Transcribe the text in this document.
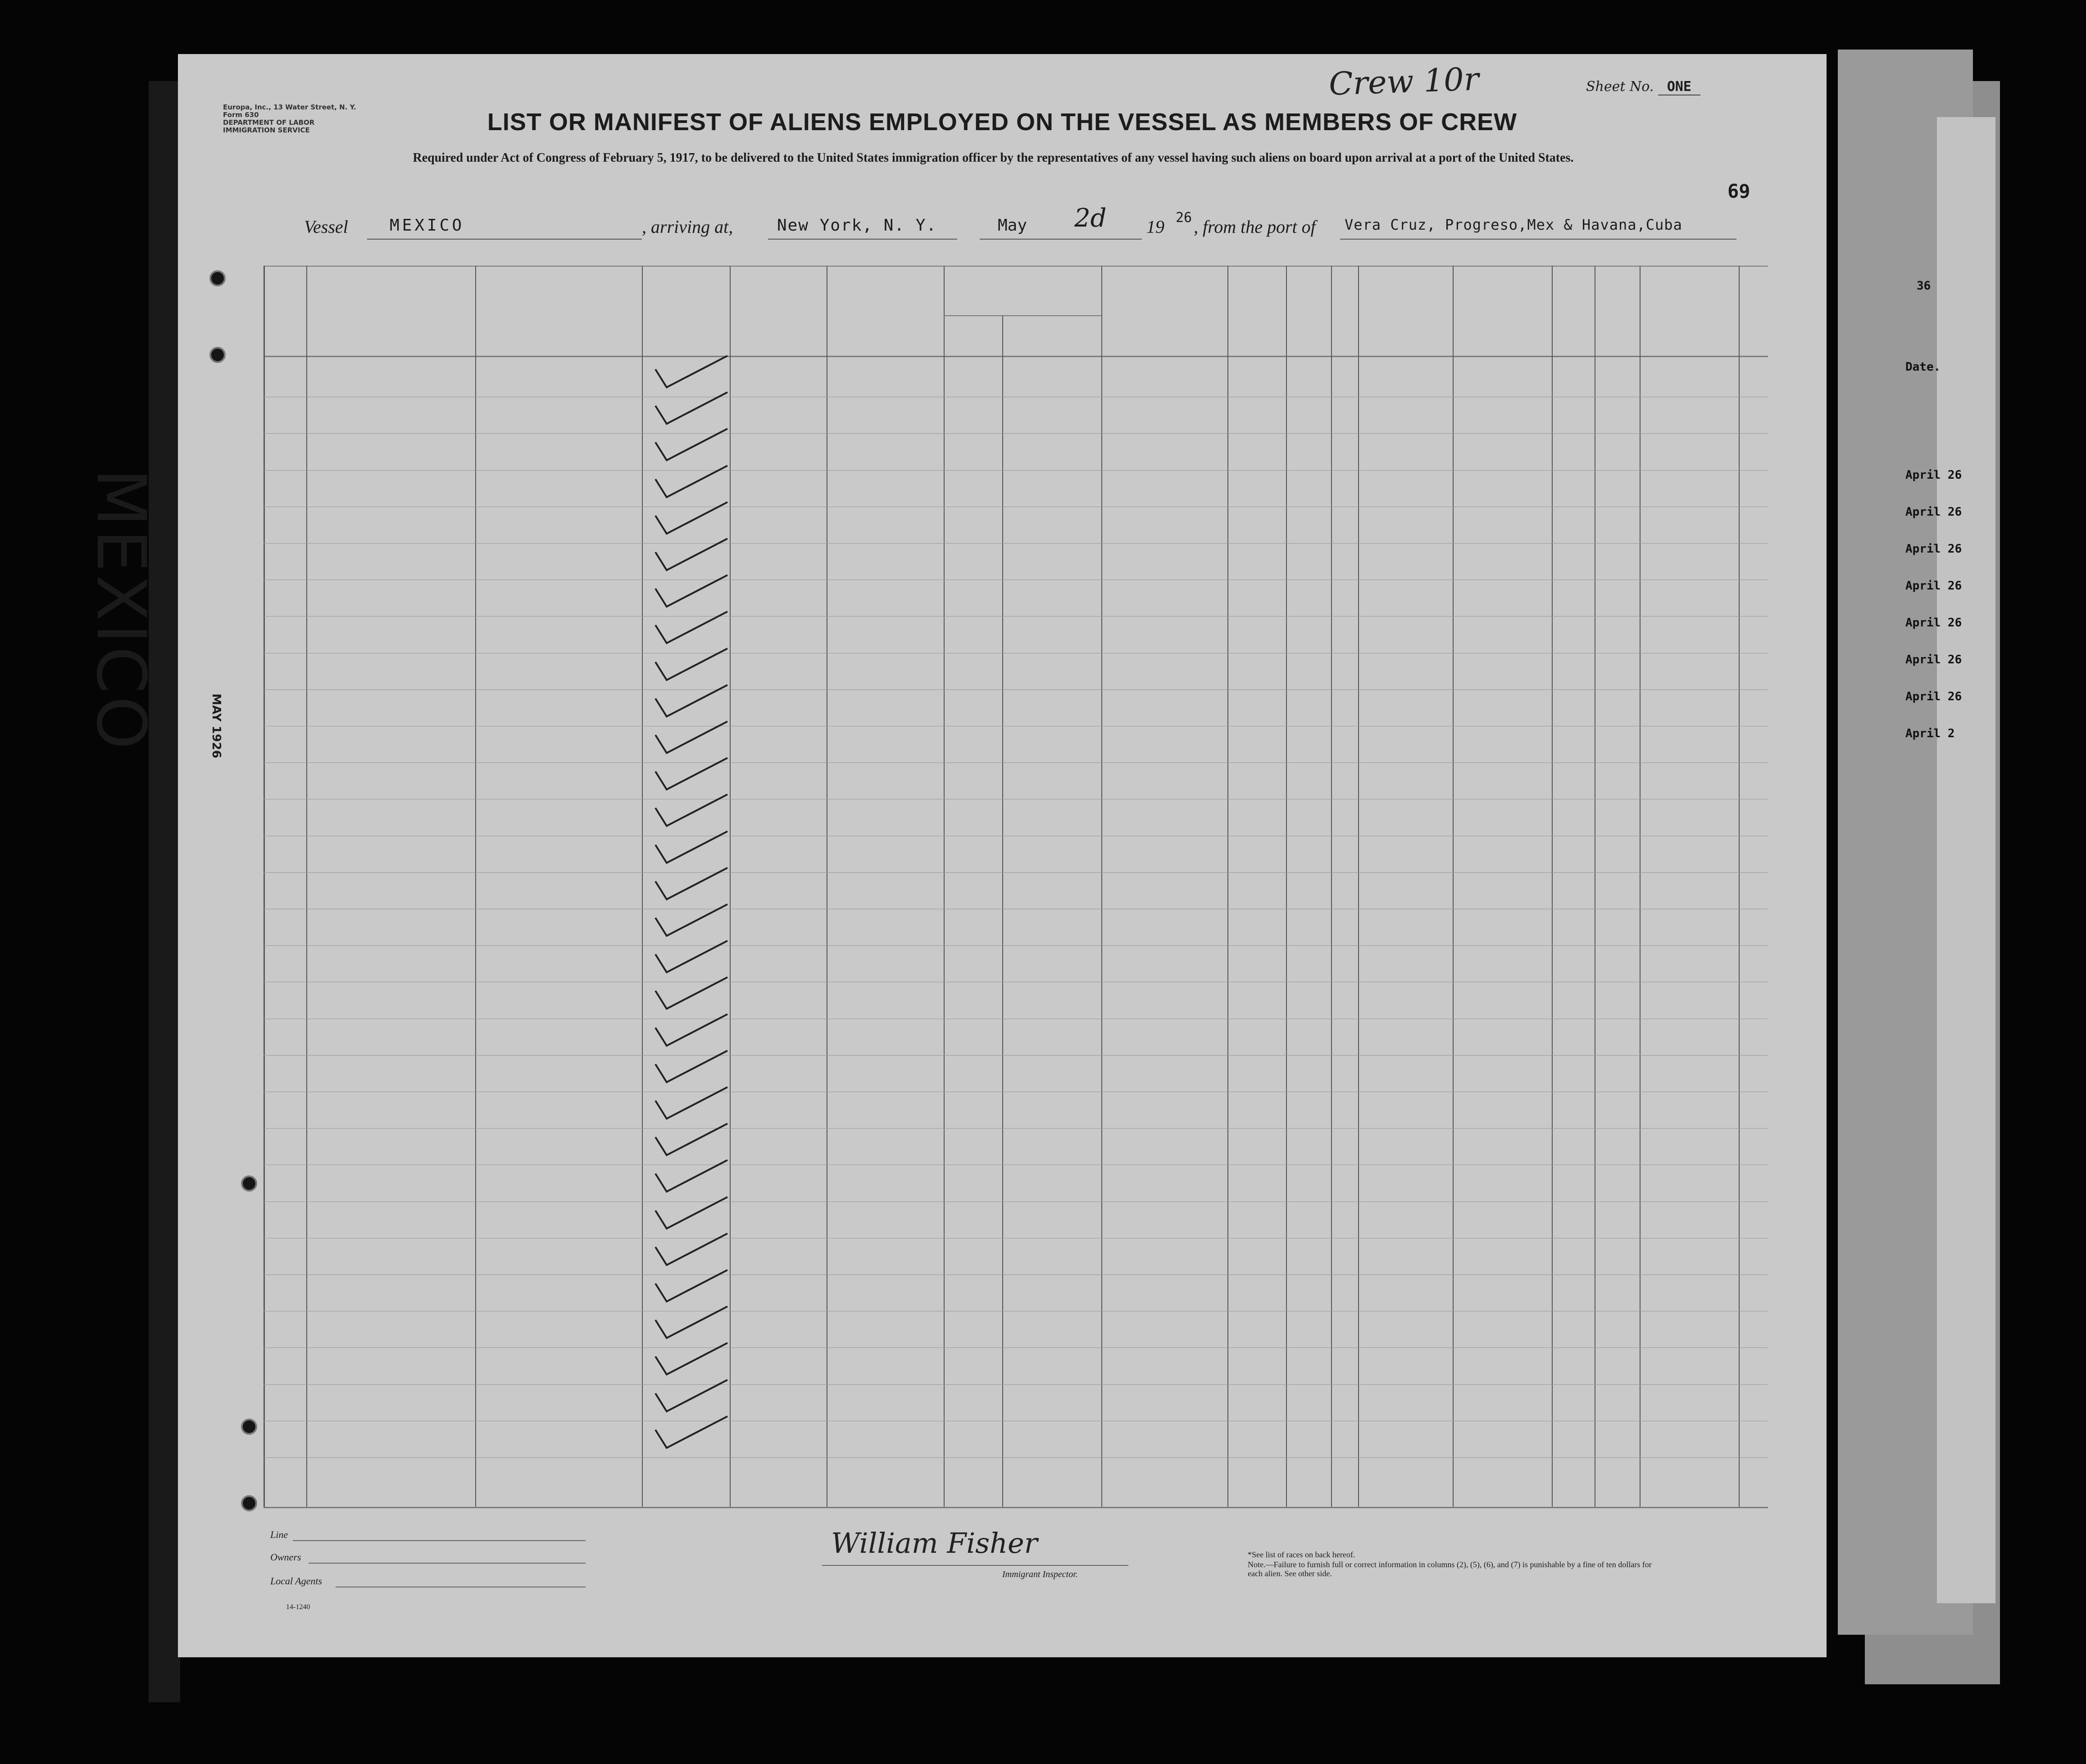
Europa, Inc., 13 Water Street, N. Y.
Form 630
DEPARTMENT OF LABOR
IMMIGRATION SERVICE
Crew 10r	Sheet No. ONE
LIST OR MANIFEST OF ALIENS EMPLOYED ON THE VESSEL AS MEMBERS OF CREW
Required under Act of Congress of February 5, 1917, to be delivered to the United States immigration officer by the representatives of any vessel having such aliens on board upon arrival at a port of the United States.
69
Vessel	MEXICO	, arriving at,	New York, N. Y.	May 2d 19 26 , from the port of Vera Cruz, Progreso,Mex & Havana,Cuba
MEXICO	MAY 1926
Line
Owners
Local Agents
14-1240
William Fisher
Immigrant Inspector.
*See list of races on back hereof.
Note.—Failure to furnish full or correct information in columns (2), (5), (6), and (7) is punishable by a fine of ten dollars for each alien. See other side.
36
Date.
April 26
April 26
April 26
April 26
April 26
April 26
April 26
April 2
